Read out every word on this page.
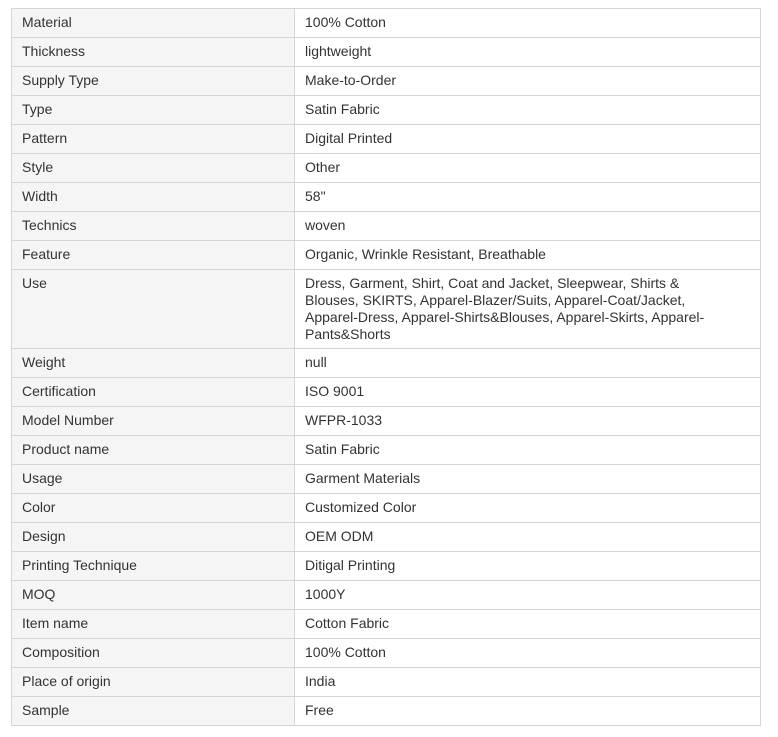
Material	100% Cotton
Thickness	lightweight
Supply Type	Make-to-Order
Type	Satin Fabric
Pattern	Digital Printed
Style	Other
Width	58"
Technics	woven
Feature	Organic, Wrinkle Resistant, Breathable
Use	Dress, Garment, Shirt, Coat and Jacket, Sleepwear, Shirts & Blouses, SKIRTS, Apparel-Blazer/Suits, Apparel-Coat/Jacket, Apparel-Dress, Apparel-Shirts&Blouses, Apparel-Skirts, Apparel-Pants&Shorts
Weight	null
Certification	ISO 9001
Model Number	WFPR-1033
Product name	Satin Fabric
Usage	Garment Materials
Color	Customized Color
Design	OEM ODM
Printing Technique	Ditigal Printing
MOQ	1000Y
Item name	Cotton Fabric
Composition	100% Cotton
Place of origin	India
Sample	Free
